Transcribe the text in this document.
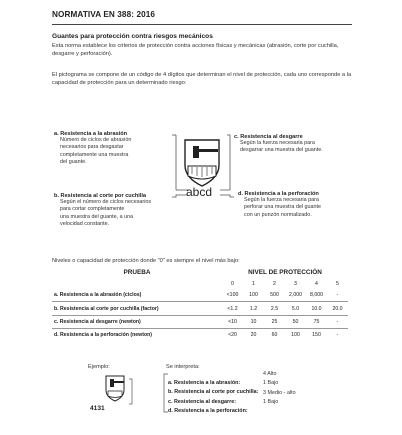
NORMATIVA EN 388: 2016
Guantes para protección contra riesgos mecánicos
Esta norma establece los criterios de protección contra acciones físicas y mecánicas (abrasión, corte por cuchilla, desgarre y perforación).
El pictograma se compone de un código de 4 dígitos que determinan el nivel de protección, cada uno corresponde a la capacidad de protección para un determinado riesgo:
abcd
a. Resistencia a la abrasión
Número de ciclos de abrasión
necesarios para desgastar
completamente una muestra
del guante.
b. Resistencia al corte por cuchilla
Según el número de ciclos necesarios
para cortar completamente
una muestra del guante, a una
velocidad constante.
c. Resistencia al desgarre
Según la fuerza necesaria para
desgarrar una muestra del guante.
d. Resistencia a la perforación
Según la fuerza necesaria para
perforar una muestra del guante
con un punzón normalizado.
Niveles o capacidad de protección donde "0" es siempre el nivel más bajo:
PRUEBA	NIVEL DE PROTECCIÓN					
	0	1	2	3	4	5
a. Resistencia a la abrasión (ciclos)	<100	100	500	2,000	8,000	-
b. Resistencia al corte por cuchilla (factor)	<1.2	1.2	2.5	5.0	10.0	20.0
c. Resistencia al desgarre (newton)	<10	10	25	50	75	-
d. Resistencia a la perforación (newton)	<20	20	60	100	150	-
Ejemplo:
4131
Se interpreta:
a. Resistencia a la abrasión:
4 Alto
b. Resistencia al corte por cuchilla:
1 Bajo
c. Resistencia al desgarre:
3 Medio - alto
d. Resistencia a la perforación:
1 Bajo
